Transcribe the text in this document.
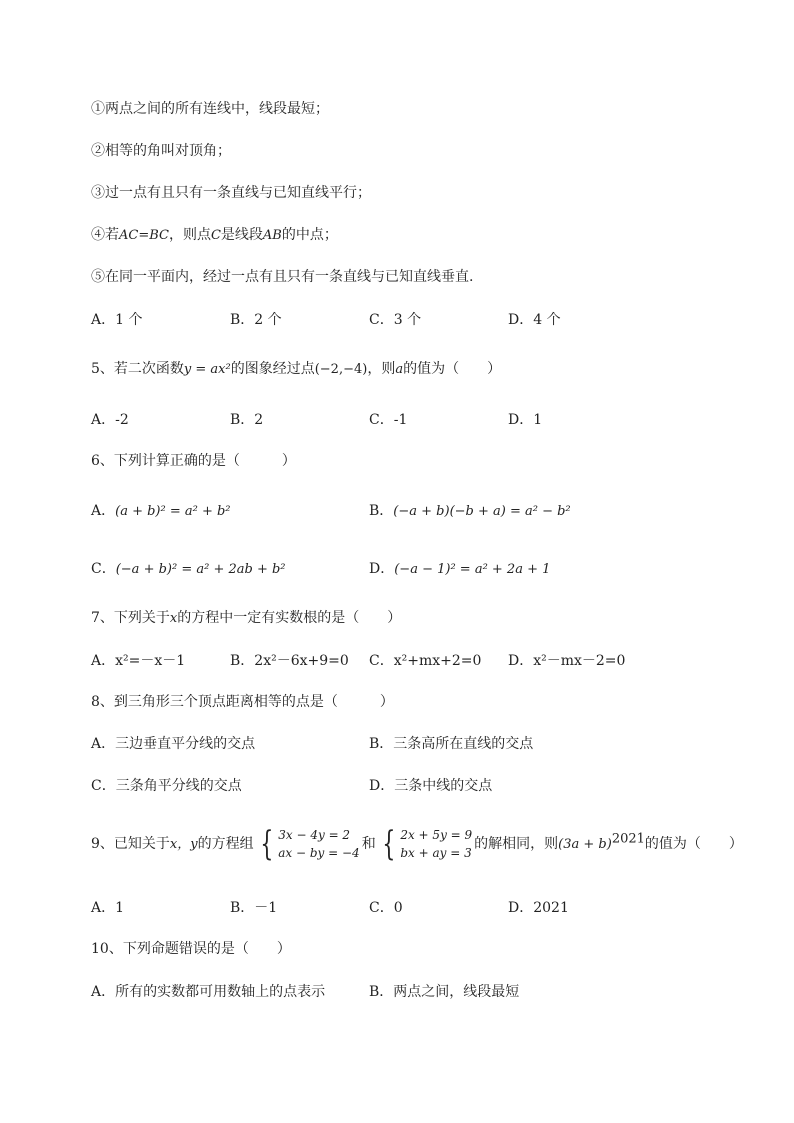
①两点之间的所有连线中，线段最短；
②相等的角叫对顶角；
③过一点有且只有一条直线与已知直线平行；
④若AC=BC，则点C是线段AB的中点；
⑤在同一平面内，经过一点有且只有一条直线与已知直线垂直.
A．1 个	B．2 个	C．3 个	D．4 个
5、若二次函数y = ax²的图象经过点(−2,−4)，则a的值为（　　）
A．-2	B．2	C．-1	D．1
6、下列计算正确的是（　　　）
A．(a + b)² = a² + b²	B．(−a + b)(−b + a) = a² − b²
C．(−a + b)² = a² + 2ab + b²	D．(−a − 1)² = a² + 2a + 1
7、下列关于x的方程中一定有实数根的是（　　）
A．x²=－x－1	B．2x²－6x+9=0 C．x²+mx+2=0 D．x²－mx－2=0
8、到三角形三个顶点距离相等的点是（　　　）
A．三边垂直平分线的交点	B．三条高所在直线的交点
C．三条角平分线的交点	D．三条中线的交点
9、已知关于x，y的方程组 { 3x − 4y = 2
ax − by = −4
和 { 2x + 5y = 9
bx + ay = 3
的解相同，则$(3a + b)^{2021}$的值为（　　）
A．1	B．－1	C．0	D．2021
10、下列命题错误的是（　　）
A．所有的实数都可用数轴上的点表示	B．两点之间，线段最短
